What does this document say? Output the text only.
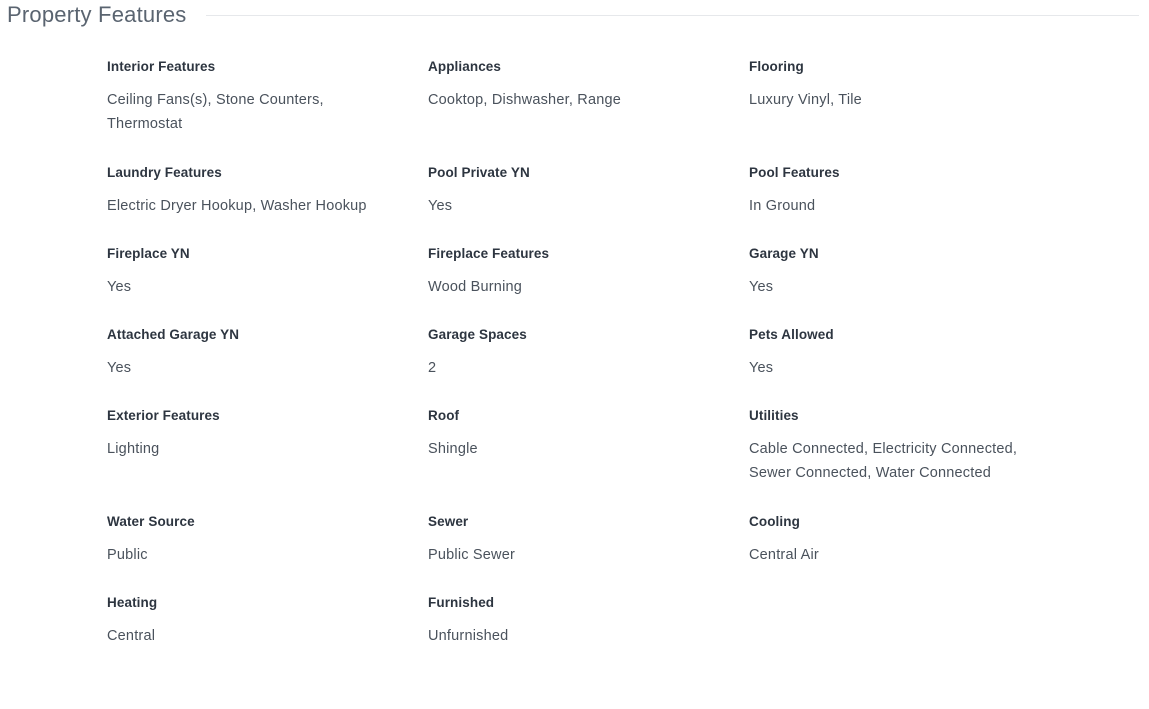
Property Features
Interior Features
Ceiling Fans(s), Stone Counters, Thermostat
Appliances
Cooktop, Dishwasher, Range
Flooring
Luxury Vinyl, Tile
Laundry Features
Electric Dryer Hookup, Washer Hookup
Pool Private YN
Yes
Pool Features
In Ground
Fireplace YN
Yes
Fireplace Features
Wood Burning
Garage YN
Yes
Attached Garage YN
Yes
Garage Spaces
2
Pets Allowed
Yes
Exterior Features
Lighting
Roof
Shingle
Utilities
Cable Connected, Electricity Connected, Sewer Connected, Water Connected
Water Source
Public
Sewer
Public Sewer
Cooling
Central Air
Heating
Central
Furnished
Unfurnished
